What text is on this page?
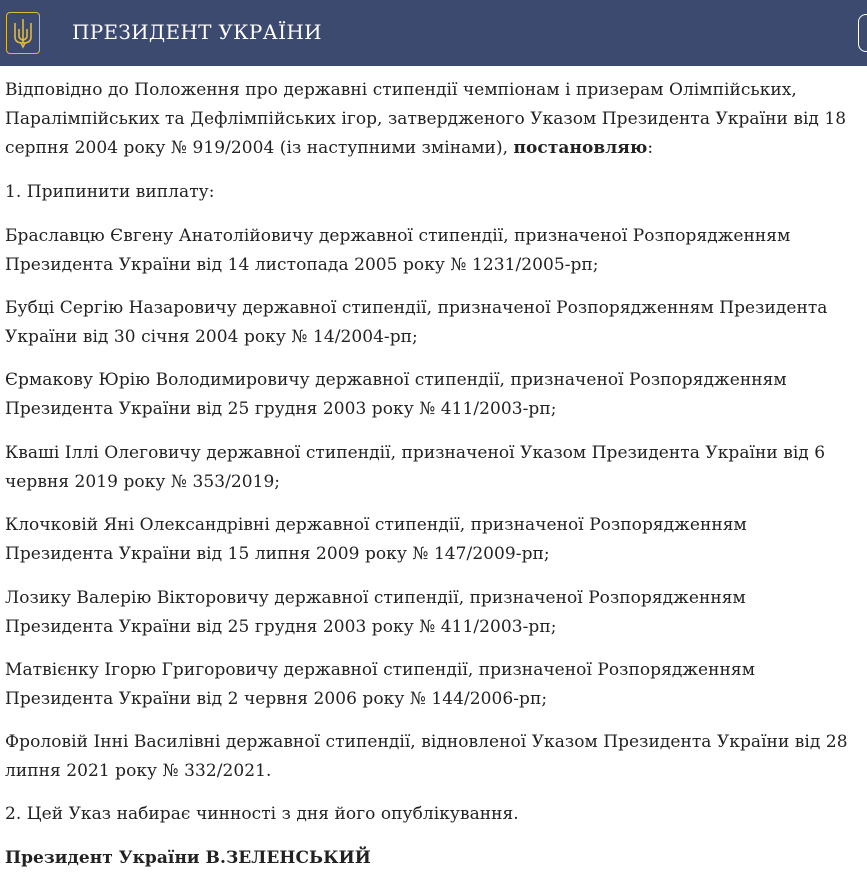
ПРЕЗИДЕНТ УКРАЇНИ

Відповідно до Положення про державні стипендії чемпіонам і призерам Олімпійських, Паралімпійських та Дефлімпійських ігор, затвердженого Указом Президента України від 18 серпня 2004 року № 919/2004 (із наступними змінами), постановляю:

1. Припинити виплату:

Браславцю Євгену Анатолійовичу державної стипендії, призначеної Розпорядженням Президента України від 14 листопада 2005 року № 1231/2005-рп;

Бубці Сергію Назаровичу державної стипендії, призначеної Розпорядженням Президента України від 30 січня 2004 року № 14/2004-рп;

Єрмакову Юрію Володимировичу державної стипендії, призначеної Розпорядженням Президента України від 25 грудня 2003 року № 411/2003-рп;

Кваші Іллі Олеговичу державної стипендії, призначеної Указом Президента України від 6 червня 2019 року № 353/2019;

Клочковій Яні Олександрівні державної стипендії, призначеної Розпорядженням Президента України від 15 липня 2009 року № 147/2009-рп;

Лозику Валерію Вікторовичу державної стипендії, призначеної Розпорядженням Президента України від 25 грудня 2003 року № 411/2003-рп;

Матвієнку Ігорю Григоровичу державної стипендії, призначеної Розпорядженням Президента України від 2 червня 2006 року № 144/2006-рп;

Фроловій Інні Василівні державної стипендії, відновленої Указом Президента України від 28 липня 2021 року № 332/2021.

2. Цей Указ набирає чинності з дня його опублікування.

Президент України В.ЗЕЛЕНСЬКИЙ
